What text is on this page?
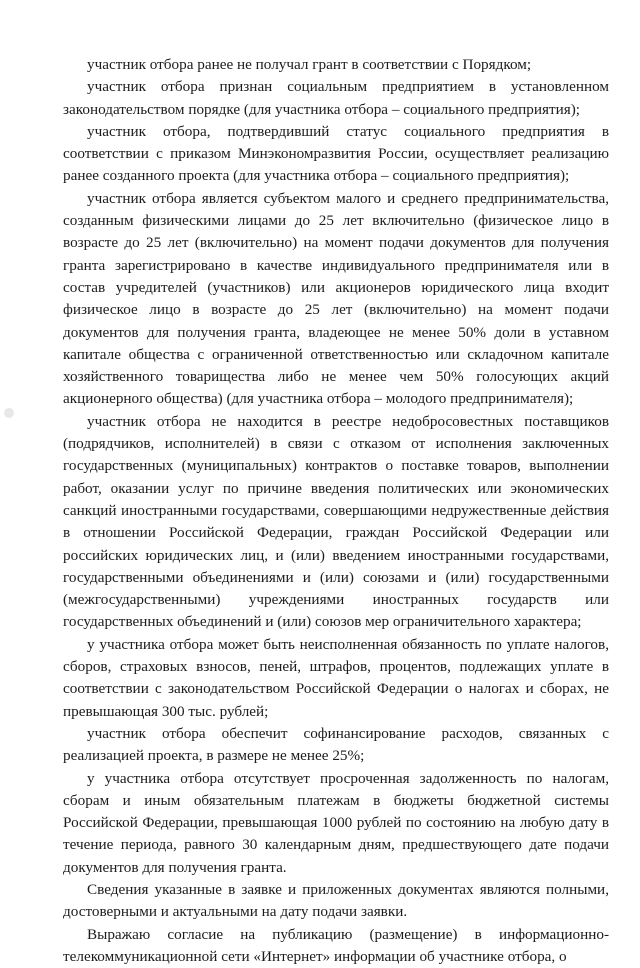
участник отбора ранее не получал грант в соответствии с Порядком;

участник отбора признан социальным предприятием в установленном законодательством порядке (для участника отбора – социального предприятия);

участник отбора, подтвердивший статус социального предприятия в соответствии с приказом Минэкономразвития России, осуществляет реализацию ранее созданного проекта (для участника отбора – социального предприятия);

участник отбора является субъектом малого и среднего предпринимательства, созданным физическими лицами до 25 лет включительно (физическое лицо в возрасте до 25 лет (включительно) на момент подачи документов для получения гранта зарегистрировано в качестве индивидуального предпринимателя или в состав учредителей (участников) или акционеров юридического лица входит физическое лицо в возрасте до 25 лет (включительно) на момент подачи документов для получения гранта, владеющее не менее 50% доли в уставном капитале общества с ограниченной ответственностью или складочном капитале хозяйственного товарищества либо не менее чем 50% голосующих акций акционерного общества) (для участника отбора – молодого предпринимателя);

участник отбора не находится в реестре недобросовестных поставщиков (подрядчиков, исполнителей) в связи с отказом от исполнения заключенных государственных (муниципальных) контрактов о поставке товаров, выполнении работ, оказании услуг по причине введения политических или экономических санкций иностранными государствами, совершающими недружественные действия в отношении Российской Федерации, граждан Российской Федерации или российских юридических лиц, и (или) введением иностранными государствами, государственными объединениями и (или) союзами и (или) государственными (межгосударственными) учреждениями иностранных государств или государственных объединений и (или) союзов мер ограничительного характера;

у участника отбора может быть неисполненная обязанность по уплате налогов, сборов, страховых взносов, пеней, штрафов, процентов, подлежащих уплате в соответствии с законодательством Российской Федерации о налогах и сборах, не превышающая 300 тыс. рублей;

участник отбора обеспечит софинансирование расходов, связанных с реализацией проекта, в размере не менее 25%;

у участника отбора отсутствует просроченная задолженность по налогам, сборам и иным обязательным платежам в бюджеты бюджетной системы Российской Федерации, превышающая 1000 рублей по состоянию на любую дату в течение периода, равного 30 календарным дням, предшествующего дате подачи документов для получения гранта.

Сведения указанные в заявке и приложенных документах являются полными, достоверными и актуальными на дату подачи заявки.

Выражаю согласие на публикацию (размещение) в информационно-телекоммуникационной сети «Интернет» информации об участнике отбора, о
